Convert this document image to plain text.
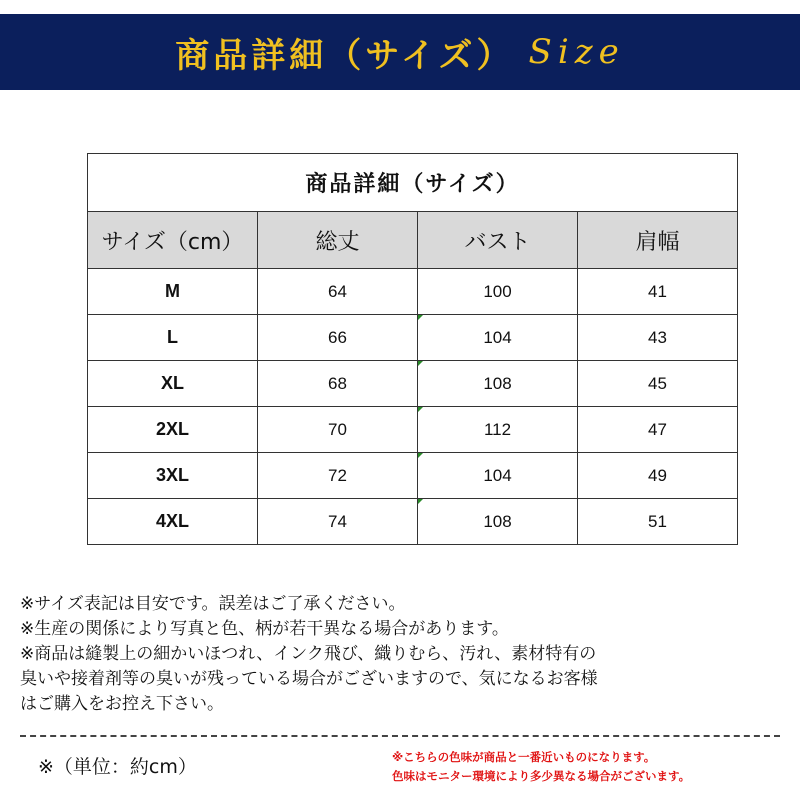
商品詳細（サイズ） Size
商品詳細（サイズ）			
サイズ（cm）	総丈	バスト	肩幅
M	64	100	41
L	66	104	43
XL	68	108	45
2XL	70	112	47
3XL	72	104	49
4XL	74	108	51

※サイズ表記は目安です。誤差はご了承ください。

※生産の関係により写真と色、柄が若干異なる場合があります。

※商品は縫製上の細かいほつれ、インク飛び、織りむら、汚れ、素材特有の

臭いや接着剤等の臭いが残っている場合がございますので、気になるお客様

はご購入をお控え下さい。

※（単位：約cm）	※こちらの色味が商品と一番近いものになります。

色味はモニター環境により多少異なる場合がございます。
